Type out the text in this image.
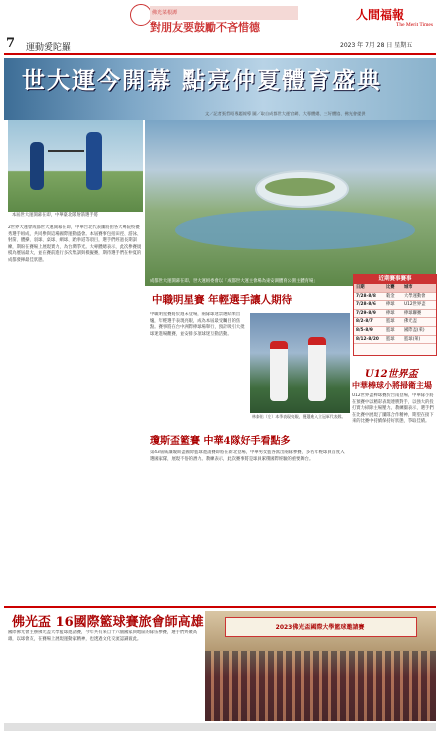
佛光菜根譚
對朋友要鼓勵不吝惜德
人間福報
The Merit Times
7 運動愛陀羅	2023 年 7月 28 日 星期五
世大運今開幕 點亮仲夏體育盛典
本屆世大運開幕在即，中華臺北隊射箭選手將
文／記者張哲昭專題報導 圖／取自成都世大運官網、大專體總、三好體協、佛光會提供
成都世大運開幕在即。世大運組委會以「成都世大運主會場為東安湖體育公園主體育場」
2世界大運會成都世大運開幕在即，中華台北代表團將由各大專院校優秀選手組成，共同參與這場國際運動盛會。本屆賽事包括田徑、游泳、射箭、體操、羽球、桌球、網球、跆拳道等項目，選手們經過長期訓練，期盼在賽場上展現實力，為台灣爭光。大專體總表示，此次參賽規模為歷屆最大，並在賽前進行多次集訓與模擬賽，期待選手們在仲夏的成都發揮最佳狀態。
近期賽事賽事
日期	比賽	城市
7/28-8/8	穀金	大學運動會
7/28-8/6	棒球	U12世界盃
7/29-8/9	棒球	棒球聯賽
8/2-8/7	籃球	佛光盃
8/5-8/9	籃球	國際盃(萊)
8/12-8/20	籃球	籃球(萊)
中職明星賽 年輕選手讓人期待
中職明星賽將於週末登場，兩隊球迷票選結果出爐，年輕選手表現亮眼，成為本屆最受矚目的焦點。賽事將在台中洲際棒球場舉行，預計吸引大批球迷進場觀賽，並安排多項球迷互動活動。
林泰佑（左）本季表現亮眼，獲選進入立冠軍代表隊。
U12世界盃
中華棒球小將掃衛主場
U12世界盃棒球賽於台南登場，中華隊小將在預賽中以精彩表現連勝對手，以強大的投打實力掃除主場壓力。教練團表示，選手們在比賽中展現了團隊合作精神，期望在接下來的比賽中持續保持好狀態，爭取佳績。
瓊斯盃籃賽 中華4隊好手看點多
第43屆威廉瓊斯盃國際籃球邀請賽即將在新北登場，中華男女籃各派出兩隊參賽，多名年輕球員首度入選國家隊，展現不俗的潛力。教練表示，此次賽事將是球員累積國際經驗的重要舞台。
佛光盃 16國際籃球賽旅會師高雄
國際佛光會主辦佛光盃大學籃球邀請賽，今年共有來自十六個國家與地區的隊伍參賽，選手們齊聚高雄，以球會友，在賽場上展現運動家精神，也透過文化交流認識彼此。
2023佛光盃國際大學籃球邀請賽
